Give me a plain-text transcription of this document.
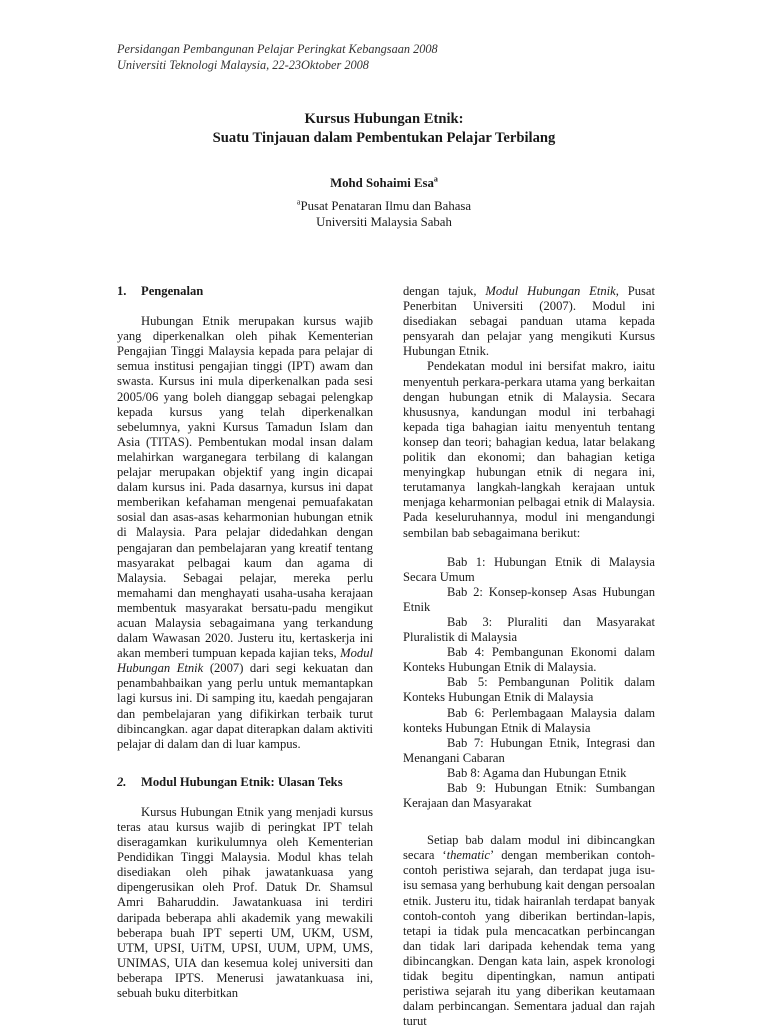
Persidangan Pembangunan Pelajar Peringkat Kebangsaan 2008
Universiti Teknologi Malaysia, 22-23Oktober 2008
Kursus Hubungan Etnik:
Suatu Tinjauan dalam Pembentukan Pelajar Terbilang
Mohd Sohaimi Esa$^a$
$^a$Pusat Penataran Ilmu dan Bahasa
Universiti Malaysia Sabah
1. Pengenalan

Hubungan Etnik merupakan kursus wajib yang diperkenalkan oleh pihak Kementerian Pengajian Tinggi Malaysia kepada para pelajar di semua institusi pengajian tinggi (IPT) awam dan swasta. Kursus ini mula diperkenalkan pada sesi 2005/06 yang boleh dianggap sebagai pelengkap kepada kursus yang telah diperkenalkan sebelumnya, yakni Kursus Tamadun Islam dan Asia (TITAS). Pembentukan modal insan dalam melahirkan warganegara terbilang di kalangan pelajar merupakan objektif yang ingin dicapai dalam kursus ini. Pada dasarnya, kursus ini dapat memberikan kefahaman mengenai pemuafakatan sosial dan asas-asas keharmonian hubungan etnik di Malaysia. Para pelajar didedahkan dengan pengajaran dan pembelajaran yang kreatif tentang masyarakat pelbagai kaum dan agama di Malaysia. Sebagai pelajar, mereka perlu memahami dan menghayati usaha-usaha kerajaan membentuk masyarakat bersatu-padu mengikut acuan Malaysia sebagaimana yang terkandung dalam Wawasan 2020. Justeru itu, kertaskerja ini akan memberi tumpuan kepada kajian teks, Modul Hubungan Etnik (2007) dari segi kekuatan dan penambahbaikan yang perlu untuk memantapkan lagi kursus ini. Di samping itu, kaedah pengajaran dan pembelajaran yang difikirkan terbaik turut dibincangkan. agar dapat diterapkan dalam aktiviti pelajar di dalam dan di luar kampus.

2. Modul Hubungan Etnik: Ulasan Teks

Kursus Hubungan Etnik yang menjadi kursus teras atau kursus wajib di peringkat IPT telah diseragamkan kurikulumnya oleh Kementerian Pendidikan Tinggi Malaysia. Modul khas telah disediakan oleh pihak jawatankuasa yang dipengerusikan oleh Prof. Datuk Dr. Shamsul Amri Baharuddin. Jawatankuasa ini terdiri daripada beberapa ahli akademik yang mewakili beberapa buah IPT seperti UM, UKM, USM, UTM, UPSI, UiTM, UPSI, UUM, UPM, UMS, UNIMAS, UIA dan kesemua kolej universiti dan beberapa IPTS. Menerusi jawatankuasa ini, sebuah buku diterbitkan

dengan tajuk, Modul Hubungan Etnik, Pusat Penerbitan Universiti (2007). Modul ini disediakan sebagai panduan utama kepada pensyarah dan pelajar yang mengikuti Kursus Hubungan Etnik.

Pendekatan modul ini bersifat makro, iaitu menyentuh perkara-perkara utama yang berkaitan dengan hubungan etnik di Malaysia. Secara khususnya, kandungan modul ini terbahagi kepada tiga bahagian iaitu menyentuh tentang konsep dan teori; bahagian kedua, latar belakang politik dan ekonomi; dan bahagian ketiga menyingkap hubungan etnik di negara ini, terutamanya langkah-langkah kerajaan untuk menjaga keharmonian pelbagai etnik di Malaysia. Pada keseluruhannya, modul ini mengandungi sembilan bab sebagaimana berikut:

Bab 1: Hubungan Etnik di Malaysia Secara Umum

Bab 2: Konsep-konsep Asas Hubungan Etnik

Bab 3: Pluraliti dan Masyarakat Pluralistik di Malaysia

Bab 4: Pembangunan Ekonomi dalam Konteks Hubungan Etnik di Malaysia.

Bab 5: Pembangunan Politik dalam Konteks Hubungan Etnik di Malaysia

Bab 6: Perlembagaan Malaysia dalam konteks Hubungan Etnik di Malaysia

Bab 7: Hubungan Etnik, Integrasi dan Menangani Cabaran

Bab 8: Agama dan Hubungan Etnik

Bab 9: Hubungan Etnik: Sumbangan Kerajaan dan Masyarakat

Setiap bab dalam modul ini dibincangkan secara ‘thematic’ dengan memberikan contoh-contoh peristiwa sejarah, dan terdapat juga isu-isu semasa yang berhubung kait dengan persoalan etnik. Justeru itu, tidak hairanlah terdapat banyak contoh-contoh yang diberikan bertindan-lapis, tetapi ia tidak pula mencacatkan perbincangan dan tidak lari daripada kehendak tema yang dibincangkan. Dengan kata lain, aspek kronologi tidak begitu dipentingkan, namun antipati peristiwa sejarah itu yang diberikan keutamaan dalam perbincangan. Sementara jadual dan rajah turut
